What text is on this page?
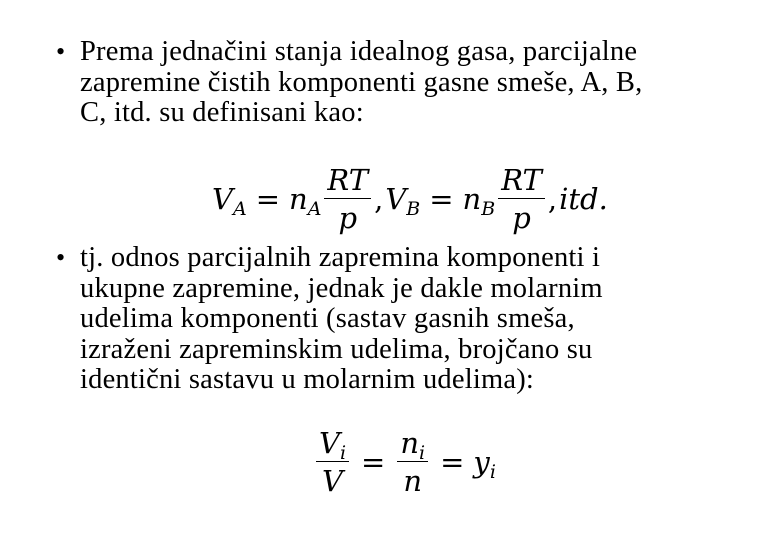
• Prema jednačini stanja idealnog gasa, parcijalne
zapremine čistih komponenti gasne smeše, A, B,
C, itd. su definisani kao:
$V_A = n_A \frac{RT}{p}$ , $V_B = n_B \frac{RT}{p}$ , itd.
• tj. odnos parcijalnih zapremina komponenti i
ukupne zapremine, jednak je dakle molarnim
udelima komponenti (sastav gasnih smeša,
izraženi zapreminskim udelima, brojčano su
identični sastavu u molarnim udelima):
$\frac{V_i}{V} = \frac{n_i}{n} = y_i$
